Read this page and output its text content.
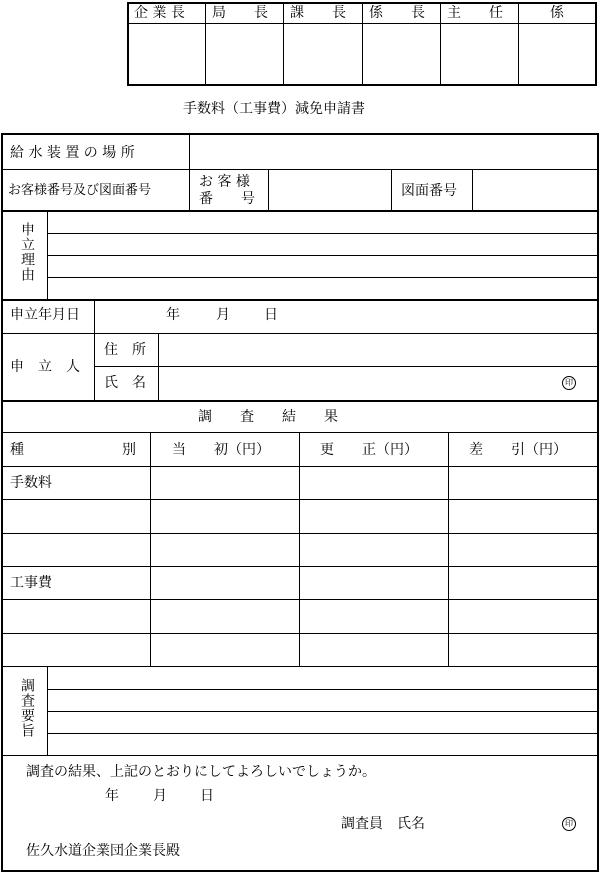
企 業 長 局　　長 課　　長 係　　長 主　　任	係
手数料（工事費）減免申請書
給 水 装 置 の 場 所
お客様番号及び図面番号
お 客 様
番　　号	図面番号
申立理由
申立年月日	年	月 日
申　立　人
住　所
氏　名	印
調　　査　　結　　果
種　　　　　　　別	当　　初（円）	更　　正（円）	差　　引（円）
手数料
工事費
調査要旨
調査の結果、上記のとおりにしてよろしいでしょうか。
年 月 日
調査員　氏名	印
佐久水道企業団企業長殿
